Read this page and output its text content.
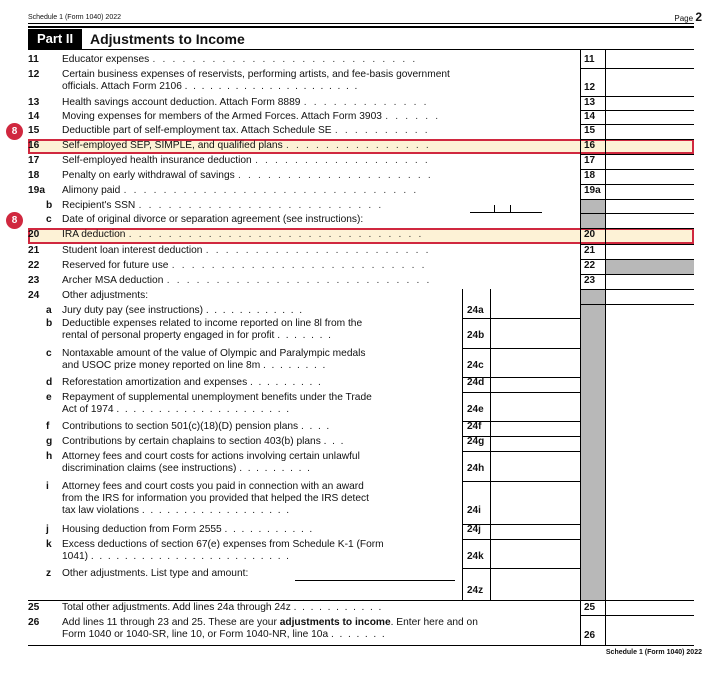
Schedule 1 (Form 1040) 2022	Page 2
Part II	Adjustments to Income
8
8
11 Educator expenses .  .  .  .  .  .  .  .  .  .  .  .  .  .  .  .  .  .  .  .  .  .  .  .  .  .  .	11
12 Certain business expenses of reservists, performing artists, and fee-basis government
officials. Attach Form 2106 .  .  .  .  .  .  .  .  .  .  .  .  .  .  .  .  .  .  .  .  .	12
13 Health savings account deduction. Attach Form 8889 .  .  .  .  .  .  .  .  .  .  .  .  .	13
14 Moving expenses for members of the Armed Forces. Attach Form 3903 .  .  .  .  .  .	14
15 Deductible part of self-employment tax. Attach Schedule SE .  .  .  .  .  .  .  .  .  .	15
16 Self-employed SEP, SIMPLE, and qualified plans .  .  .  .  .  .  .  .  .  .  .  .  .  .  .	16
17 Self-employed health insurance deduction .  .  .  .  .  .  .  .  .  .  .  .  .  .  .  .  .  .	17
18 Penalty on early withdrawal of savings .  .  .  .  .  .  .  .  .  .  .  .  .  .  .  .  .  .  .  .	18
19a Alimony paid .  .  .  .  .  .  .  .  .  .  .  .  .  .  .  .  .  .  .  .  .  .  .  .  .  .  .  .  .  .	19a
b Recipient's SSN .  .  .  .  .  .  .  .  .  .  .  .  .  .  .  .  .  .  .  .  .  .  .  .  .
c Date of original divorce or separation agreement (see instructions):
20 IRA deduction .  .  .  .  .  .  .  .  .  .  .  .  .  .  .  .  .  .  .  .  .  .  .  .  .  .  .  .  .  .	20
21 Student loan interest deduction .  .  .  .  .  .  .  .  .  .  .  .  .  .  .  .  .  .  .  .  .  .  .	21
22 Reserved for future use .  .  .  .  .  .  .  .  .  .  .  .  .  .  .  .  .  .  .  .  .  .  .  .  .  .	22
23 Archer MSA deduction .  .  .  .  .  .  .  .  .  .  .  .  .  .  .  .  .  .  .  .  .  .  .  .  .  .  .	23
24 Other adjustments:
a Jury duty pay (see instructions) .  .  .  .  .  .  .  .  .  .  .  .	24a
b Deductible expenses related to income reported on line 8l from the
rental of personal property engaged in for profit .  .  .  .  .  .  .	24b
c Nontaxable amount of the value of Olympic and Paralympic medals
and USOC prize money reported on line 8m .  .  .  .  .  .  .  .	24c
d Reforestation amortization and expenses .  .  .  .  .  .  .  .  .	24d
e Repayment of supplemental unemployment benefits under the Trade
Act of 1974 .  .  .  .  .  .  .  .  .  .  .  .  .  .  .  .  .  .  .  .  .	24e
f Contributions to section 501(c)(18)(D) pension plans .  .  .  .	24f
g Contributions by certain chaplains to section 403(b) plans .  .  .	24g
h Attorney fees and court costs for actions involving certain unlawful
discrimination claims (see instructions) .  .  .  .  .  .  .  .  .	24h
i Attorney fees and court costs you paid in connection with an award
from the IRS for information you provided that helped the IRS detect
tax law violations .  .  .  .  .  .  .  .  .  .  .  .  .  .  .  .  .  .	24i
j Housing deduction from Form 2555 .  .  .  .  .  .  .  .  .  .  .	24j
k Excess deductions of section 67(e) expenses from Schedule K-1 (Form
1041) .  .  .  .  .  .  .  .  .  .  .  .  .  .  .  .  .  .  .  .  .  .  .  .	24k
z Other adjustments. List type and amount:
24z
25 Total other adjustments. Add lines 24a through 24z .  .  .  .  .  .  .  .  .  .  .	25
26 Add lines 11 through 23 and 25. These are your adjustments to income. Enter here and on
Form 1040 or 1040-SR, line 10, or Form 1040-NR, line 10a .  .  .  .  .  .  .	26
Schedule 1 (Form 1040) 2022
